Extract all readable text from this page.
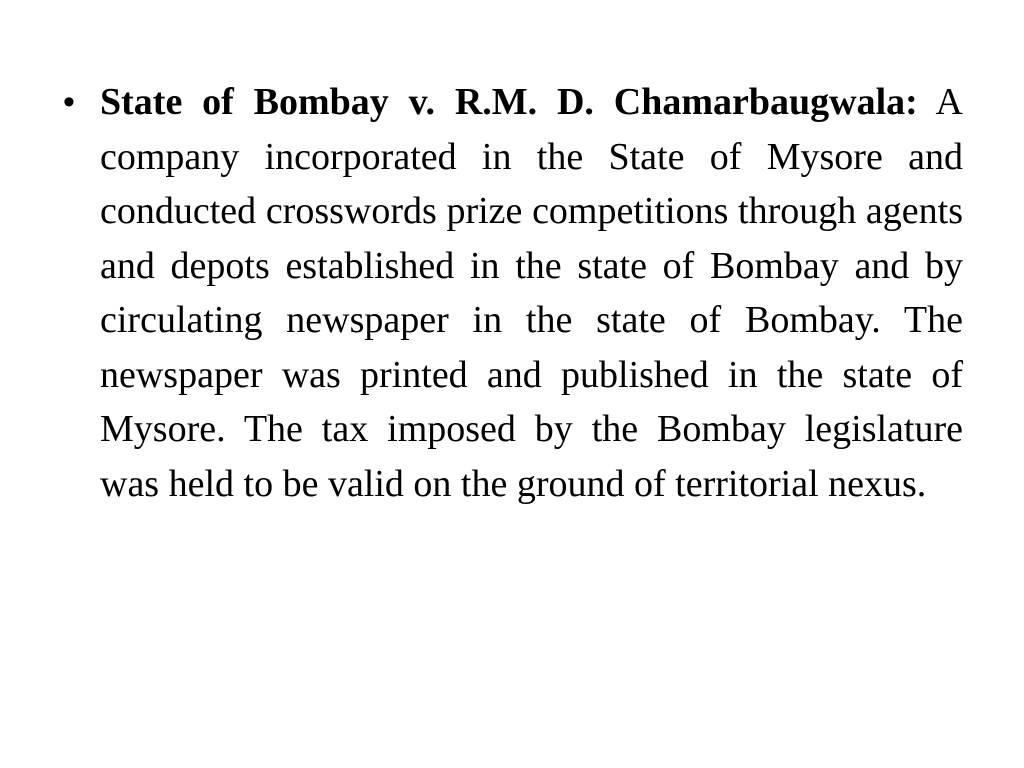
• State of Bombay v. R.M. D. Chamarbaugwala: A company incorporated in the State of Mysore and conducted crosswords prize competitions through agents and depots established in the state of Bombay and by circulating newspaper in the state of Bombay. The newspaper was printed and published in the state of Mysore. The tax imposed by the Bombay legislature was held to be valid on the ground of territorial nexus.
